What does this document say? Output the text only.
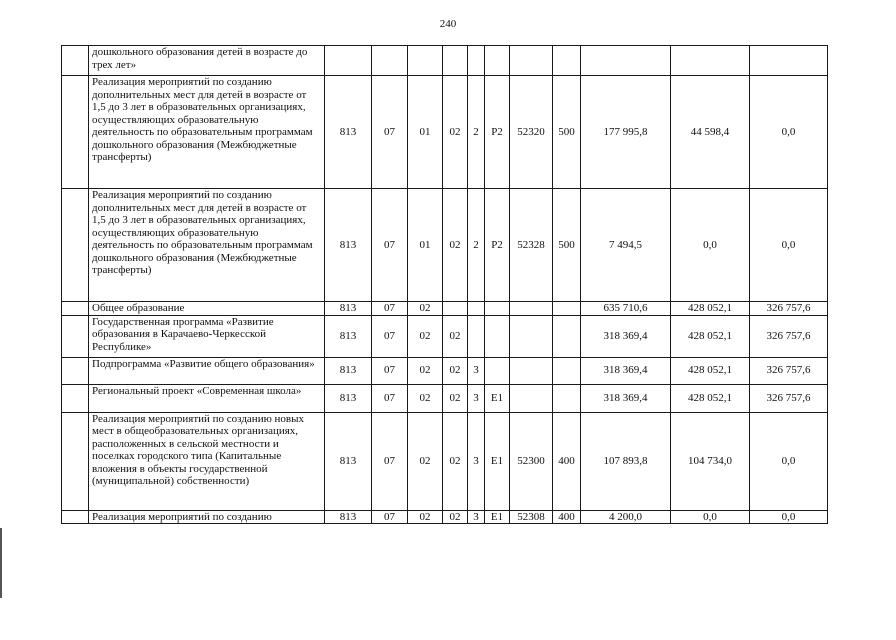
240
	дошкольного образования детей в возрасте до трех лет»											
	Реализация мероприятий по созданию дополнительных мест для детей в возрасте от 1,5 до 3 лет в образовательных организациях, осуществляющих образовательную деятельность по образовательным программам дошкольного образования (Межбюджетные трансферты)	813	07	01	02	2	P2	52320	500	177 995,8	44 598,4	0,0
	Реализация мероприятий по созданию дополнительных мест для детей в возрасте от 1,5 до 3 лет в образовательных организациях, осуществляющих образовательную деятельность по образовательным программам дошкольного образования (Межбюджетные трансферты)	813	07	01	02	2	P2	52328	500	7 494,5	0,0	0,0
	Общее образование	813	07	02						635 710,6	428 052,1	326 757,6
	Государственная программа «Развитие образования в Карачаево-Черкесской Республике»	813	07	02	02					318 369,4	428 052,1	326 757,6
	Подпрограмма «Развитие общего образования»	813	07	02	02	3				318 369,4	428 052,1	326 757,6
	Региональный проект «Современная школа»	813	07	02	02	3	E1			318 369,4	428 052,1	326 757,6
	Реализация мероприятий по созданию новых мест в общеобразовательных организациях, расположенных в сельской местности и поселках городского типа (Капитальные вложения в объекты государственной (муниципальной) собственности)	813	07	02	02	3	E1	52300	400	107 893,8	104 734,0	0,0
	Реализация мероприятий по созданию	813	07	02	02	3	E1	52308	400	4 200,0	0,0	0,0
